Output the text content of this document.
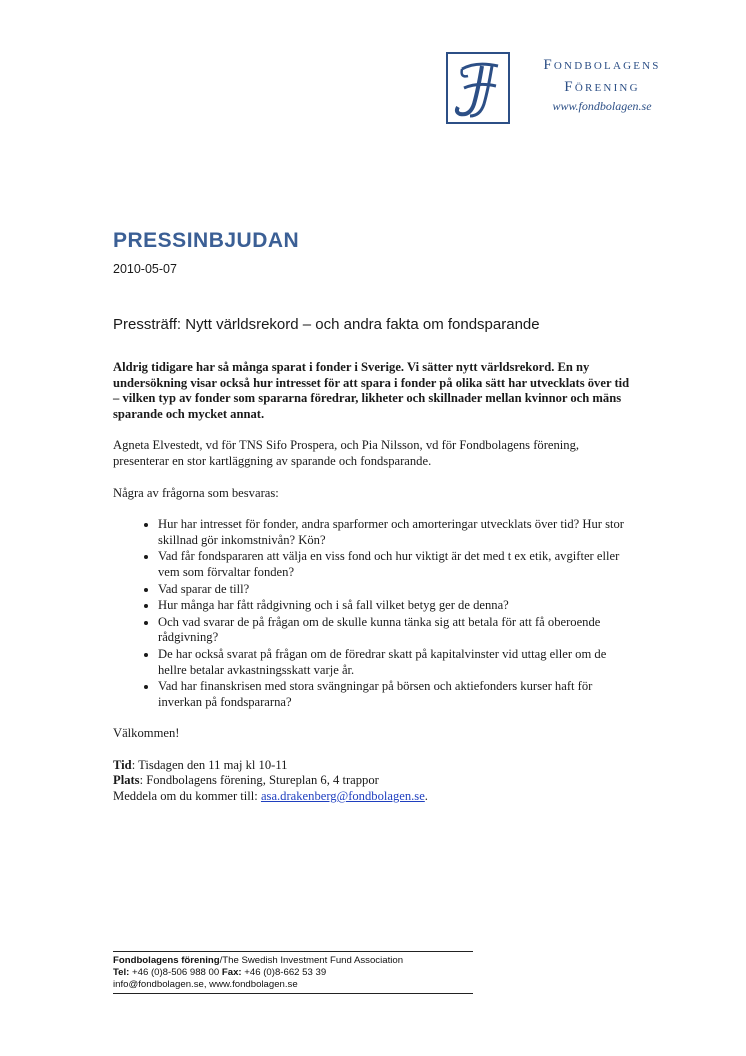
Fondbolagens
Förening
www.fondbolagen.se
PRESSINBJUDAN
2010-05-07
Pressträff: Nytt världsrekord – och andra fakta om fondsparande

Aldrig tidigare har så många sparat i fonder i Sverige. Vi sätter nytt världsrekord. En ny undersökning visar också hur intresset för att spara i fonder på olika sätt har utvecklats över tid – vilken typ av fonder som spararna föredrar, likheter och skillnader mellan kvinnor och mäns sparande och mycket annat.

Agneta Elvestedt, vd för TNS Sifo Prospera, och Pia Nilsson, vd för Fondbolagens förening, presenterar en stor kartläggning av sparande och fondsparande.

Några av frågorna som besvaras:

• Hur har intresset för fonder, andra sparformer och amorteringar utvecklats över tid? Hur stor skillnad gör inkomstnivån? Kön?
• Vad får fondspararen att välja en viss fond och hur viktigt är det med t ex etik, avgifter eller vem som förvaltar fonden?
• Vad sparar de till?
• Hur många har fått rådgivning och i så fall vilket betyg ger de denna?
• Och vad svarar de på frågan om de skulle kunna tänka sig att betala för att få oberoende rådgivning?
• De har också svarat på frågan om de föredrar skatt på kapitalvinster vid uttag eller om de hellre betalar avkastningsskatt varje år.
• Vad har finanskrisen med stora svängningar på börsen och aktiefonders kurser haft för inverkan på fondspararna?

Välkommen!

Tid: Tisdagen den 11 maj kl 10-11
Plats: Fondbolagens förening, Stureplan 6, 4 trappor
Meddela om du kommer till: asa.drakenberg@fondbolagen.se.

Fondbolagens förening/The Swedish Investment Fund Association
Tel: +46 (0)8-506 988 00 Fax: +46 (0)8-662 53 39
info@fondbolagen.se, www.fondbolagen.se
